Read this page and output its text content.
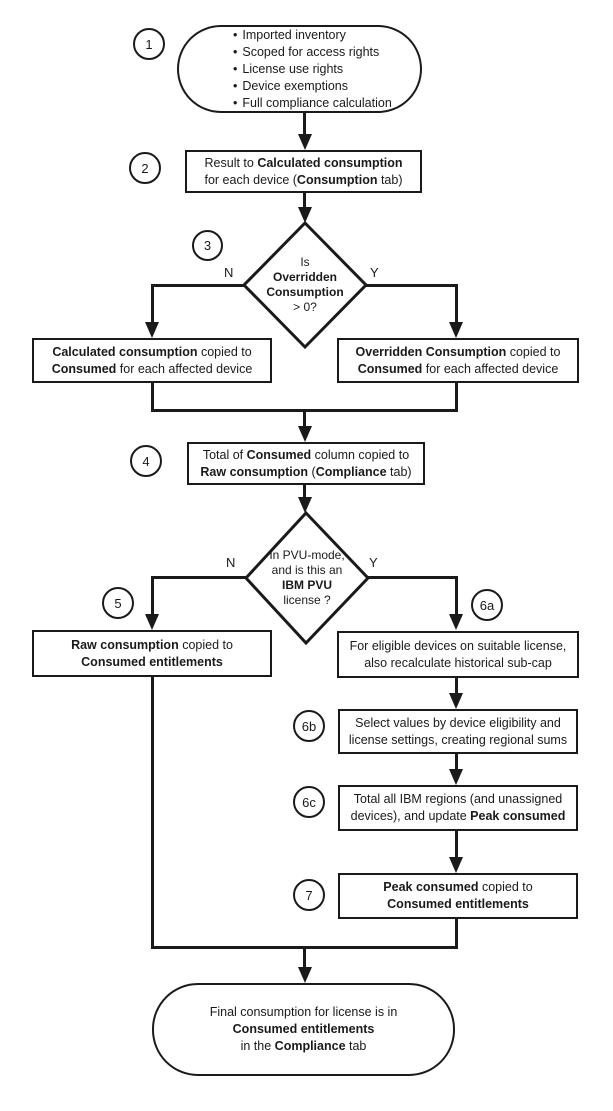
1
• Imported inventory
• Scoped for access rights
• License use rights
• Device exemptions
• Full compliance calculation
2	Result to Calculated consumption
for each device (Consumption tab)
3
Is
Overridden
Consumption
> 0?
N	Y
Calculated consumption copied to
Consumed for each affected device
Overridden Consumption copied to
Consumed for each affected device
4	Total of Consumed column copied to
Raw consumption (Compliance tab)
In PVU-mode,
and is this an
IBM PVU
license ?
N	Y
5
Raw consumption copied to
Consumed entitlements
6a
For eligible devices on suitable license,
also recalculate historical sub-cap
6b	Select values by device eligibility and
license settings, creating regional sums
6c	Total all IBM regions (and unassigned
devices), and update Peak consumed
7
Peak consumed copied to
Consumed entitlements
Final consumption for license is in
Consumed entitlements
in the Compliance tab
